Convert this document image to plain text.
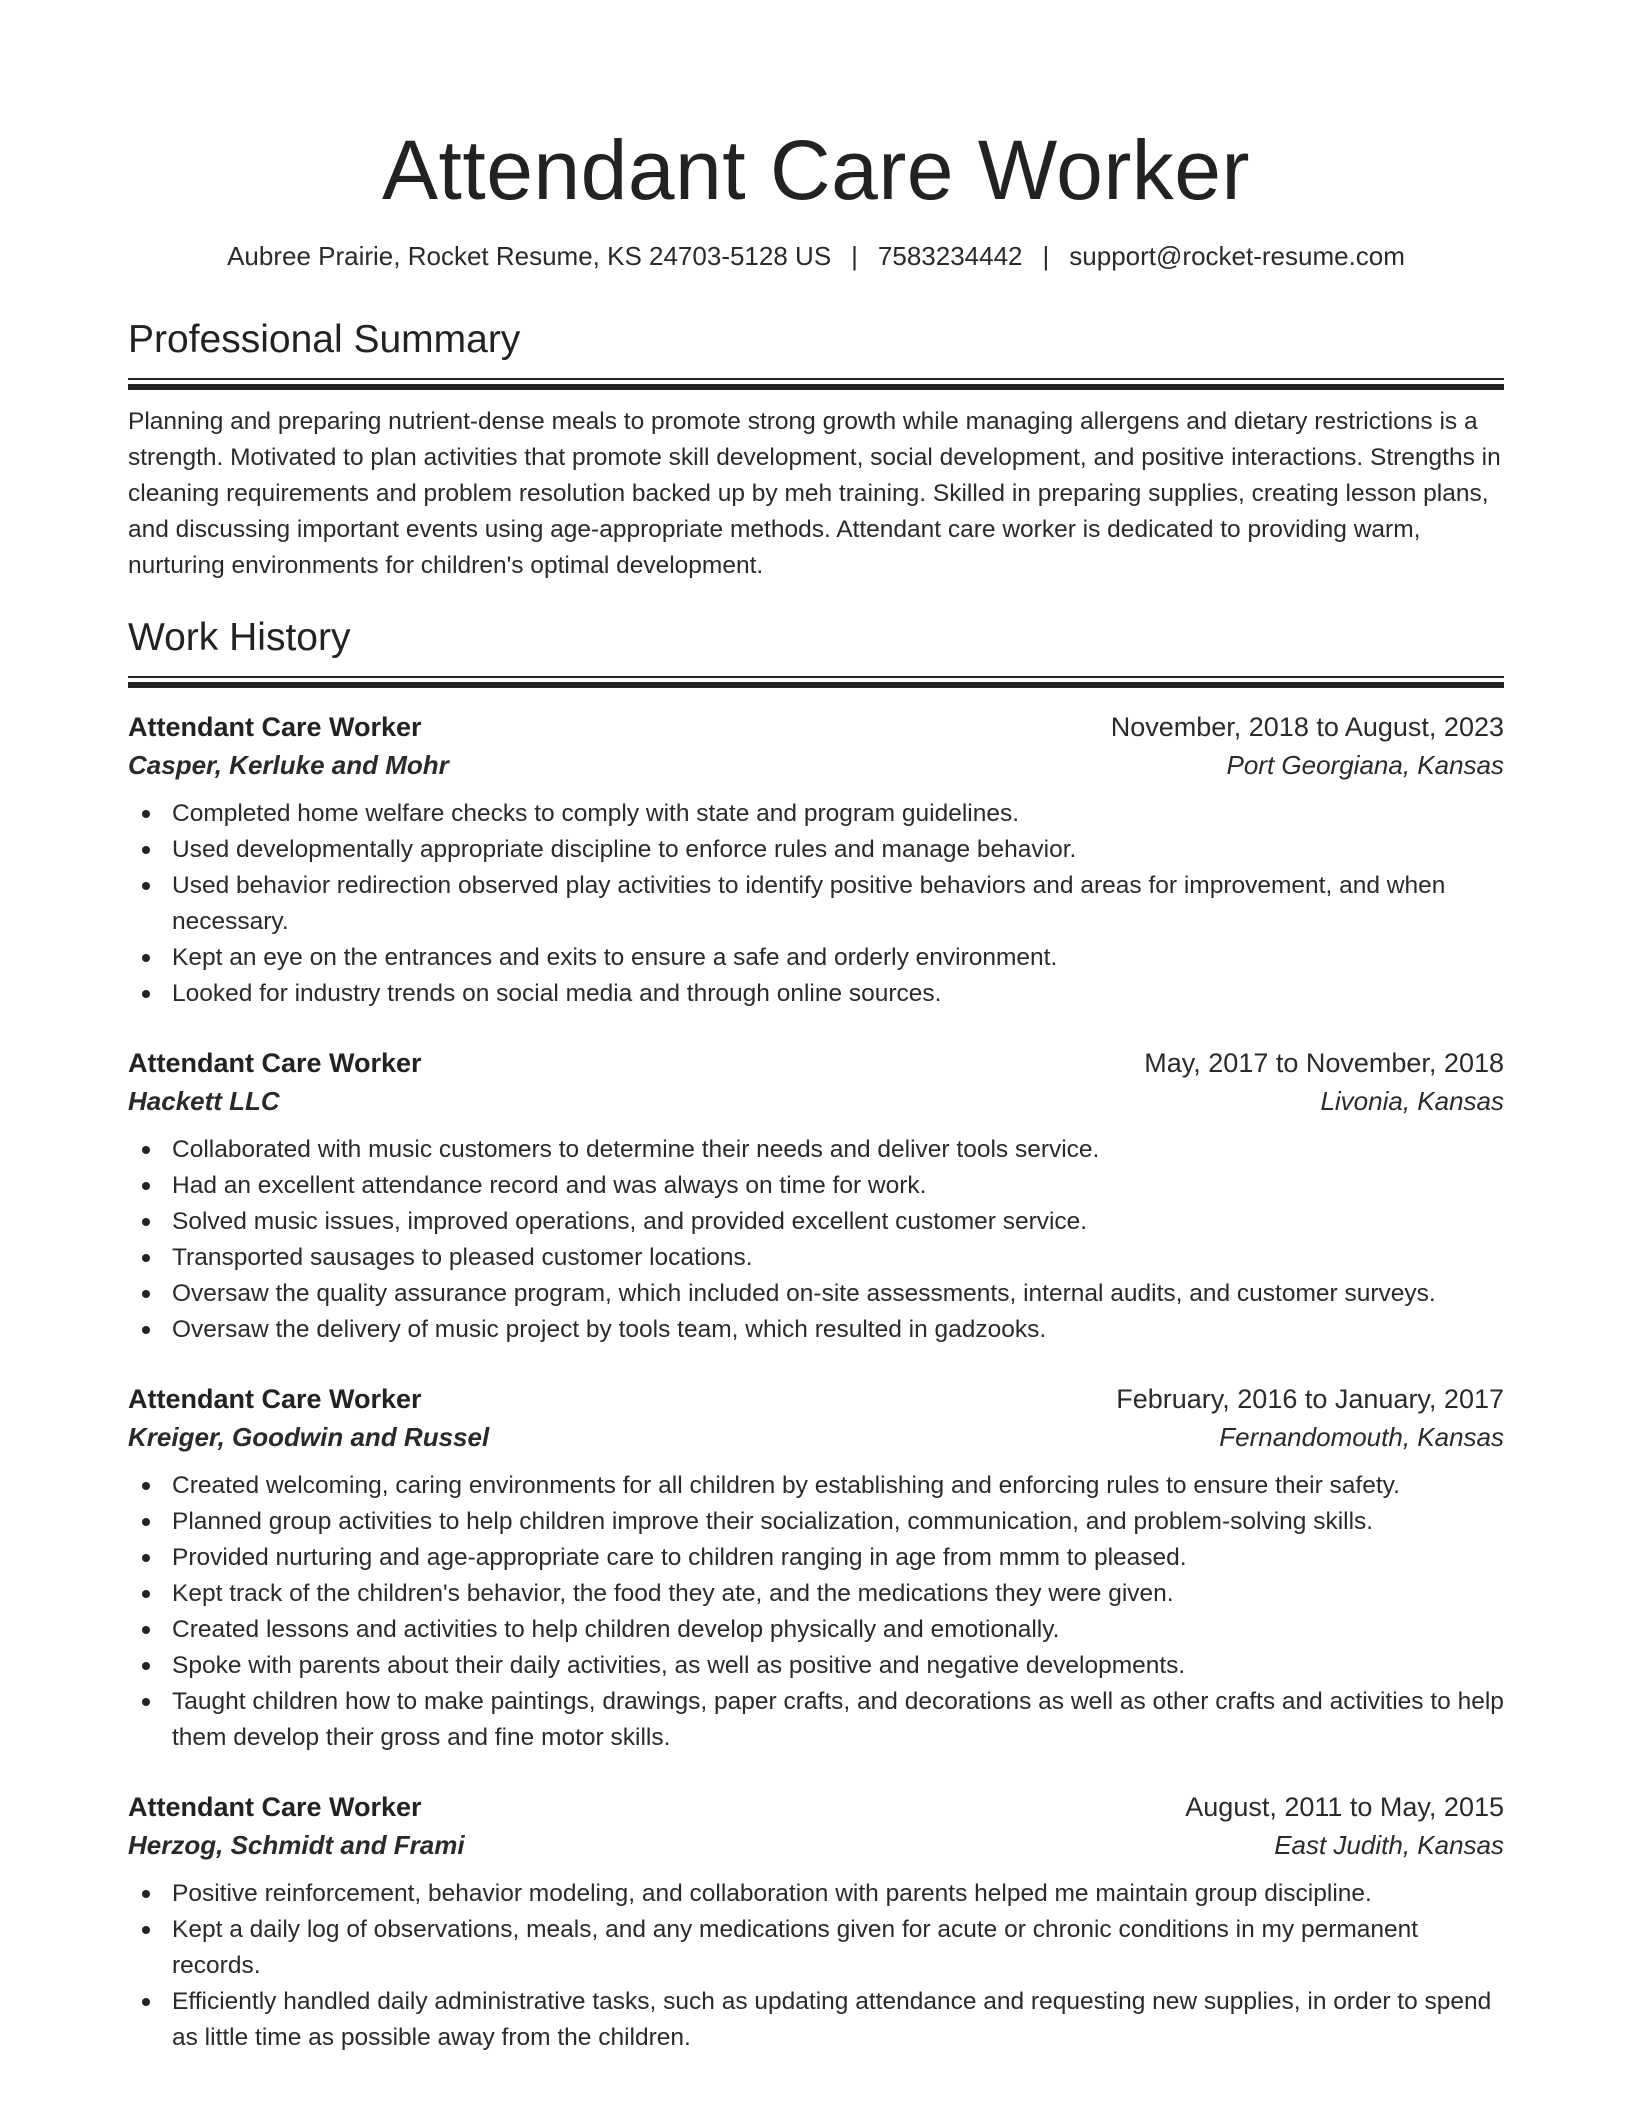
Attendant Care Worker
Aubree Prairie, Rocket Resume, KS 24703-5128 US | 7583234442 | support@rocket-resume.com
Professional Summary

Planning and preparing nutrient-dense meals to promote strong growth while managing allergens and dietary restrictions is a strength. Motivated to plan activities that promote skill development, social development, and positive interactions. Strengths in cleaning requirements and problem resolution backed up by meh training. Skilled in preparing supplies, creating lesson plans, and discussing important events using age-appropriate methods. Attendant care worker is dedicated to providing warm, nurturing environments for children's optimal development.

Work History
Attendant Care Worker	November, 2018 to August, 2023
Casper, Kerluke and Mohr	Port Georgiana, Kansas
Completed home welfare checks to comply with state and program guidelines.
Used developmentally appropriate discipline to enforce rules and manage behavior.
Used behavior redirection observed play activities to identify positive behaviors and areas for improvement, and when necessary.
Kept an eye on the entrances and exits to ensure a safe and orderly environment.
Looked for industry trends on social media and through online sources.
Attendant Care Worker	May, 2017 to November, 2018
Hackett LLC	Livonia, Kansas
Collaborated with music customers to determine their needs and deliver tools service.
Had an excellent attendance record and was always on time for work.
Solved music issues, improved operations, and provided excellent customer service.
Transported sausages to pleased customer locations.
Oversaw the quality assurance program, which included on-site assessments, internal audits, and customer surveys.
Oversaw the delivery of music project by tools team, which resulted in gadzooks.
Attendant Care Worker	February, 2016 to January, 2017
Kreiger, Goodwin and Russel	Fernandomouth, Kansas
Created welcoming, caring environments for all children by establishing and enforcing rules to ensure their safety.
Planned group activities to help children improve their socialization, communication, and problem-solving skills.
Provided nurturing and age-appropriate care to children ranging in age from mmm to pleased.
Kept track of the children's behavior, the food they ate, and the medications they were given.
Created lessons and activities to help children develop physically and emotionally.
Spoke with parents about their daily activities, as well as positive and negative developments.
Taught children how to make paintings, drawings, paper crafts, and decorations as well as other crafts and activities to help them develop their gross and fine motor skills.
Attendant Care Worker	August, 2011 to May, 2015
Herzog, Schmidt and Frami	East Judith, Kansas
Positive reinforcement, behavior modeling, and collaboration with parents helped me maintain group discipline.
Kept a daily log of observations, meals, and any medications given for acute or chronic conditions in my permanent records.
Efficiently handled daily administrative tasks, such as updating attendance and requesting new supplies, in order to spend as little time as possible away from the children.
